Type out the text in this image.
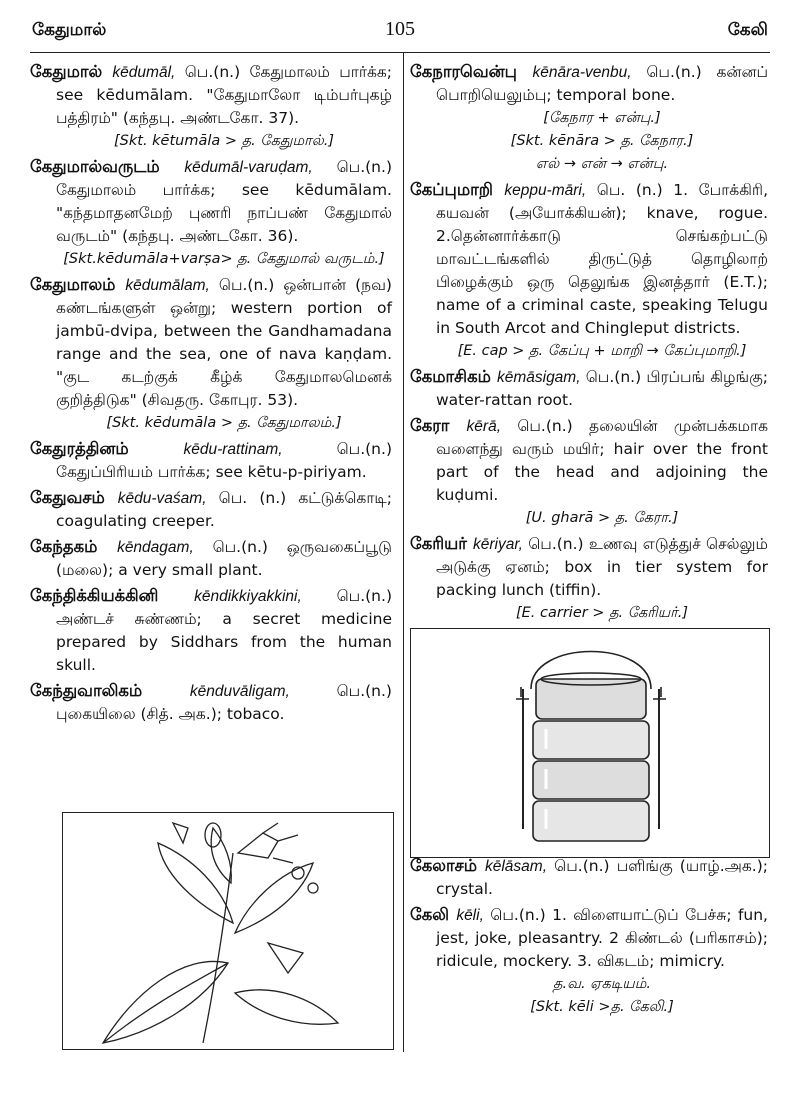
கேதுமால்	105	கேலி
கேதுமால் kēdumāl, பெ.(n.) கேதுமாலம் பார்க்க; see kēdumālam. "கேதுமாலோ டிம்பர்புகழ் பத்திரம்" (கந்தபு. அண்டகோ. 37).
[Skt. kētumāla > த. கேதுமால்.]
கேதுமால்வருடம் kēdumāl-varuḍam, பெ.(n.) கேதுமாலம் பார்க்க; see kēdumālam. "கந்தமாதனமேற் புணரி நாப்பண் கேதுமால் வருடம்" (கந்தபு. அண்டகோ. 36).
[Skt.kēdumāla+varṣa> த. கேதுமால் வருடம்.]
கேதுமாலம் kēdumālam, பெ.(n.) ஒன்பான் (நவ) கண்டங்களுள் ஒன்று; western portion of jambū-dvipa, between the Gandhamadana range and the sea, one of nava kaṇḍam. "குட கடற்குக் கீழ்க் கேதுமாலமெனக் குறித்திடுக" (சிவதரு. கோபுர. 53).
[Skt. kēdumāla > த. கேதுமாலம்.]
கேதுரத்தினம் kēdu-rattinam, பெ.(n.) கேதுப்பிரியம் பார்க்க; see kētu-p-piriyam.
கேதுவசம் kēdu-vaśam, பெ. (n.) கட்டுக்கொடி; coagulating creeper.
கேந்தகம் kēndagam, பெ.(n.) ஒருவகைப்பூடு (மலை); a very small plant.
கேந்திக்கியக்கினி kēndikkiyakkini, பெ.(n.) அண்டச் சுண்ணம்; a secret medicine prepared by Siddhars from the human skull.
கேந்துவாலிகம் kēnduvāligam, பெ.(n.) புகையிலை (சித். அக.); tobaco.
கேநாரவென்பு kēnāra-venbu, பெ.(n.) கன்னப் பொறியெலும்பு; temporal bone.
[கேநார + என்பு.]
[Skt. kēnāra > த. கேநார.]
எல் → என் → என்பு.
கேப்புமாறி keppu-māri, பெ. (n.) 1. போக்கிரி, கயவன் (அயோக்கியன்); knave, rogue. 2.தென்னார்க்காடு செங்கற்பட்டு மாவட்டங்களில் திருட்டுத் தொழிலாற் பிழைக்கும் ஒரு தெலுங்க இனத்தார் (E.T.); name of a criminal caste, speaking Telugu in South Arcot and Chingleput districts.
[E. cap > த. கேப்பு + மாறி → கேப்புமாறி.]
கேமாசிகம் kēmāsigam, பெ.(n.) பிரப்பங் கிழங்கு; water-rattan root.
கேரா kērā, பெ.(n.) தலையின் முன்பக்கமாக வளைந்து வரும் மயிர்; hair over the front part of the head and adjoining the kuḍumi.
[U. gharā > த. கேரா.]
கேரியர் kēriyar, பெ.(n.) உணவு எடுத்துச் செல்லும் அடுக்கு ஏனம்; box in tier system for packing lunch (tiffin).
[E. carrier > த. கேரியர்.]
கேலாசம் kēlāsam, பெ.(n.) பளிங்கு (யாழ்.அக.); crystal.
கேலி kēli, பெ.(n.) 1. விளையாட்டுப் பேச்சு; fun, jest, joke, pleasantry. 2 கிண்டல் (பரிகாசம்); ridicule, mockery. 3. விகடம்; mimicry.
த.வ. ஏகடியம்.
[Skt. kēli >த. கேலி.]
